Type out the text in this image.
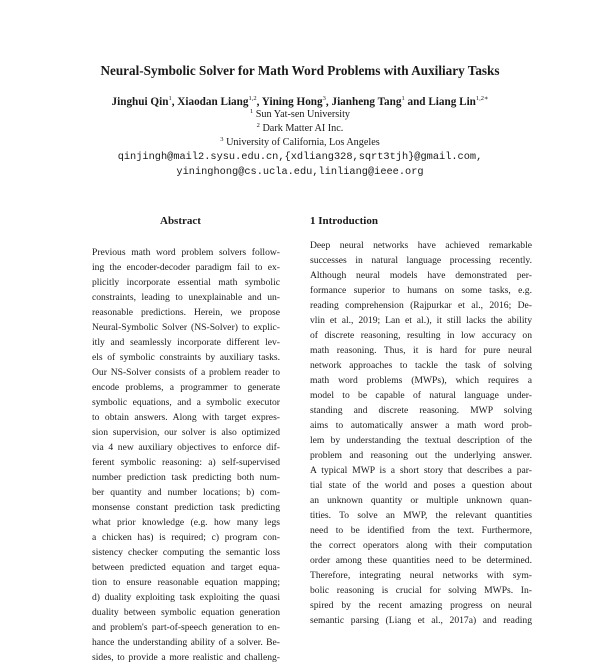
Neural-Symbolic Solver for Math Word Problems with Auxiliary Tasks
Jinghui Qin$^1$, Xiaodan Liang$^{1,2}$, Yining Hong$^3$, Jianheng Tang$^1$ and Liang Lin$^{1,2∗}$
$^1$ Sun Yat-sen University
$^2$ Dark Matter AI Inc.
$^3$ University of California, Los Angeles
qinjingh@mail2.sysu.edu.cn,{xdliang328,sqrt3tjh}@gmail.com,
yininghong@cs.ucla.edu,linliang@ieee.org
Abstract	1 Introduction
Previous math word problem solvers follow-
ing the encoder-decoder paradigm fail to ex-
plicitly incorporate essential math symbolic
constraints, leading to unexplainable and un-
reasonable predictions. Herein, we propose
Neural-Symbolic Solver (NS-Solver) to explic-
itly and seamlessly incorporate different lev-
els of symbolic constraints by auxiliary tasks.
Our NS-Solver consists of a problem reader to
encode problems, a programmer to generate
symbolic equations, and a symbolic executor
to obtain answers. Along with target expres-
sion supervision, our solver is also optimized
via 4 new auxiliary objectives to enforce dif-
ferent symbolic reasoning: a) self-supervised
number prediction task predicting both num-
ber quantity and number locations; b) com-
monsense constant prediction task predicting
what prior knowledge (e.g. how many legs
a chicken has) is required; c) program con-
sistency checker computing the semantic loss
between predicted equation and target equa-
tion to ensure reasonable equation mapping;
d) duality exploiting task exploiting the quasi
duality between symbolic equation generation
and problem's part-of-speech generation to en-
hance the understanding ability of a solver. Be-
sides, to provide a more realistic and challeng-
Deep neural networks have achieved remarkable
successes in natural language processing recently.
Although neural models have demonstrated per-
formance superior to humans on some tasks, e.g.
reading comprehension (Rajpurkar et al., 2016; De-
vlin et al., 2019; Lan et al.), it still lacks the ability
of discrete reasoning, resulting in low accuracy on
math reasoning. Thus, it is hard for pure neural
network approaches to tackle the task of solving
math word problems (MWPs), which requires a
model to be capable of natural language under-
standing and discrete reasoning. MWP solving
aims to automatically answer a math word prob-
lem by understanding the textual description of the
problem and reasoning out the underlying answer.
A typical MWP is a short story that describes a par-
tial state of the world and poses a question about
an unknown quantity or multiple unknown quan-
tities. To solve an MWP, the relevant quantities
need to be identified from the text. Furthermore,
the correct operators along with their computation
order among these quantities need to be determined.
Therefore, integrating neural networks with sym-
bolic reasoning is crucial for solving MWPs. In-
spired by the recent amazing progress on neural
semantic parsing (Liang et al., 2017a) and reading
